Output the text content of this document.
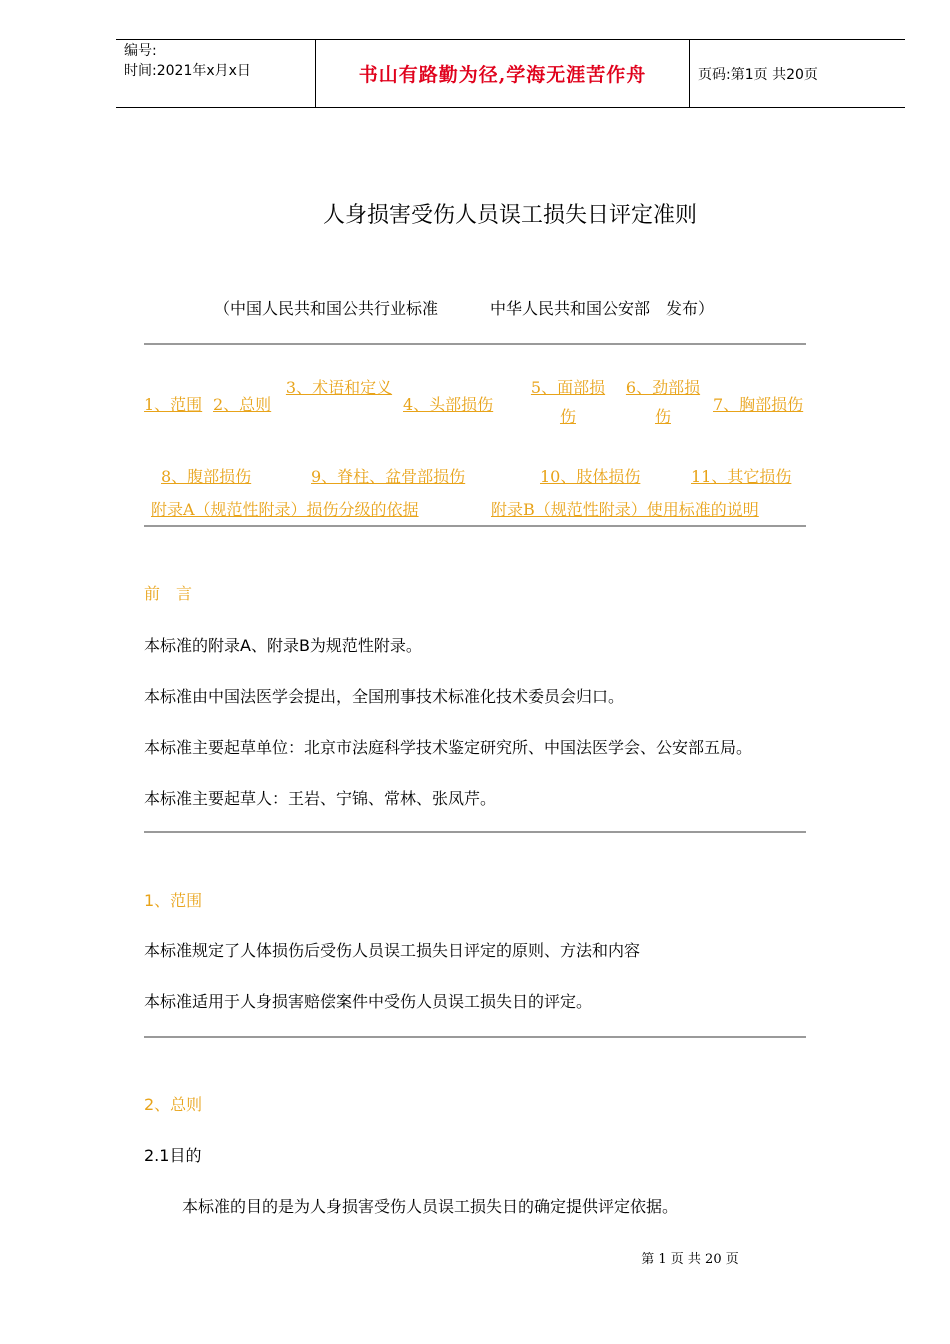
编号:
时间:2021年x月x日	书山有路勤为径,学海无涯苦作舟	页码:第1页 共20页
人身损害受伤人员误工损失日评定准则
（中国人民共和国公共行业标准	中华人民共和国公安部　发布）
1、范围 2、总则
3、术语和定义
4、头部损伤
5、面部损伤
6、劲部损伤
7、胸部损伤
8、腹部损伤	9、脊柱、盆骨部损伤	10、肢体损伤	11、其它损伤
附录A（规范性附录）损伤分级的依据	附录B（规范性附录）使用标准的说明
前　言
本标准的附录A、附录B为规范性附录。
本标准由中国法医学会提出，全国刑事技术标准化技术委员会归口。
本标准主要起草单位：北京市法庭科学技术鉴定研究所、中国法医学会、公安部五局。
本标准主要起草人：王岩、宁锦、常林、张凤芹。
1、范围
本标准规定了人体损伤后受伤人员误工损失日评定的原则、方法和内容
本标准适用于人身损害赔偿案件中受伤人员误工损失日的评定。
2、总则
2.1目的
本标准的目的是为人身损害受伤人员误工损失日的确定提供评定依据。
第 1 页 共 20 页
